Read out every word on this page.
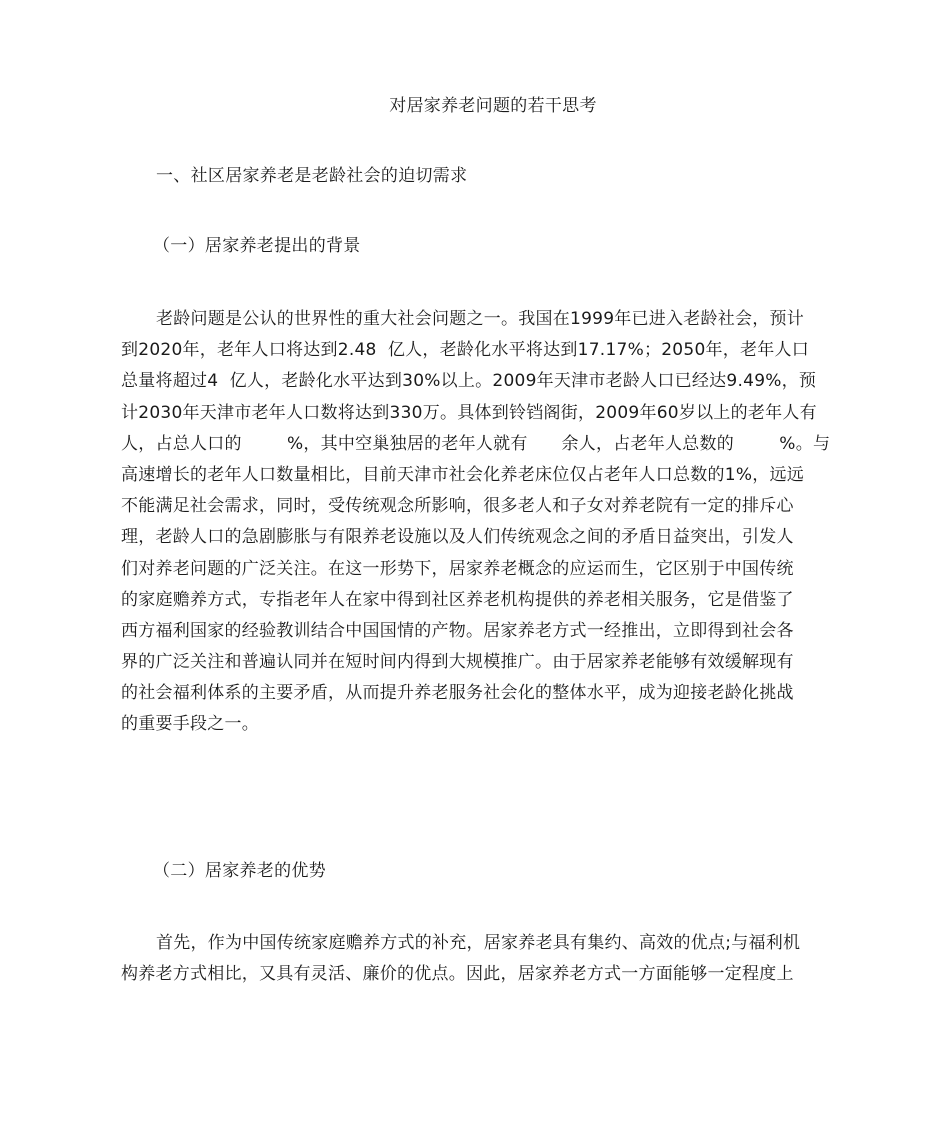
对居家养老问题的若干思考
一、社区居家养老是老龄社会的迫切需求
（一）居家养老提出的背景
老龄问题是公认的世界性的重大社会问题之一。我国在1999年已进入老龄社会，预计
到2020年，老年人口将达到2.48  亿人，老龄化水平将达到17.17%；2050年，老年人口
总量将超过4  亿人，老龄化水平达到30%以上。2009年天津市老龄人口已经达9.49%，预
计2030年天津市老年人口数将达到330万。具体到铃铛阁街，2009年60岁以上的老年人有
人，占总人口的        %，其中空巢独居的老年人就有      余人，占老年人总数的        %。与
高速增长的老年人口数量相比，目前天津市社会化养老床位仅占老年人口总数的1%，远远
不能满足社会需求，同时，受传统观念所影响，很多老人和子女对养老院有一定的排斥心
理，老龄人口的急剧膨胀与有限养老设施以及人们传统观念之间的矛盾日益突出，引发人
们对养老问题的广泛关注。在这一形势下，居家养老概念的应运而生，它区别于中国传统
的家庭赡养方式，专指老年人在家中得到社区养老机构提供的养老相关服务，它是借鉴了
西方福利国家的经验教训结合中国国情的产物。居家养老方式一经推出，立即得到社会各
界的广泛关注和普遍认同并在短时间内得到大规模推广。由于居家养老能够有效缓解现有
的社会福利体系的主要矛盾，从而提升养老服务社会化的整体水平，成为迎接老龄化挑战
的重要手段之一。
（二）居家养老的优势
首先，作为中国传统家庭赡养方式的补充，居家养老具有集约、高效的优点;与福利机
构养老方式相比，又具有灵活、廉价的优点。因此，居家养老方式一方面能够一定程度上
